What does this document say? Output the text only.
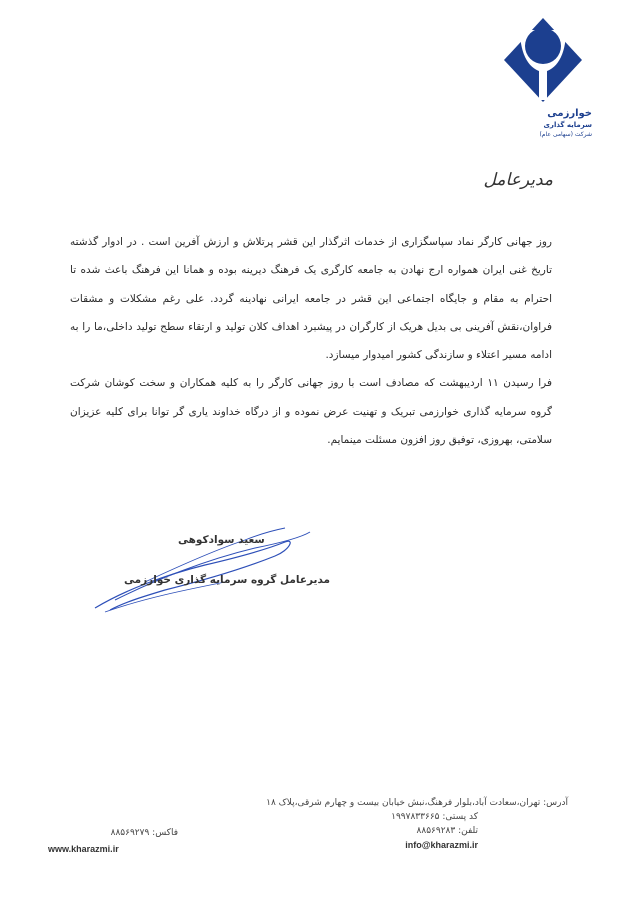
خوارزمی
سرمایه گذاری
شرکت (سهامی عام)
مدیرعامل

روز جهانی کارگر نماد سپاسگزاری از خدمات اثرگذار این قشر پرتلاش و ارزش آفرین است . در ادوار گذشته تاریخ غنی ایران همواره ارج نهادن به جامعه کارگری یک فرهنگ دیرینه بوده و همانا این فرهنگ باعث شده تا احترام به مقام و جایگاه اجتماعی این قشر در جامعه ایرانی نهادینه گردد. علی رغم مشکلات و مشقات فراوان،نقش آفرینی بی بدیل هریک از کارگران در پیشبرد اهداف کلان تولید و ارتقاء سطح تولید داخلی،ما را به ادامه مسیر اعتلاء و سازندگی کشور امیدوار میسازد.

فرا رسیدن ۱۱ اردیبهشت که مصادف است با روز جهانی کارگر را به کلیه همکاران و سخت کوشان شرکت گروه سرمایه گذاری خوارزمی تبریک و تهنیت عرض نموده و از درگاه خداوند یاری گر توانا برای کلیه عزیزان سلامتی، بهروزی، توفیق روز افزون مسئلت مینمایم.

سعید سوادکوهی
مدیرعامل گروه سرمایه گذاری خوارزمی
آدرس: تهران،سعادت آباد،بلوار فرهنگ،نبش خیابان بیست و چهارم شرقی،پلاک ۱۸
کد پستی: ۱۹۹۷۸۳۳۶۶۵
تلفن: ۸۸۵۶۹۲۸۳
info@kharazmi.ir
فاکس: ۸۸۵۶۹۲۷۹
www.kharazmi.ir
